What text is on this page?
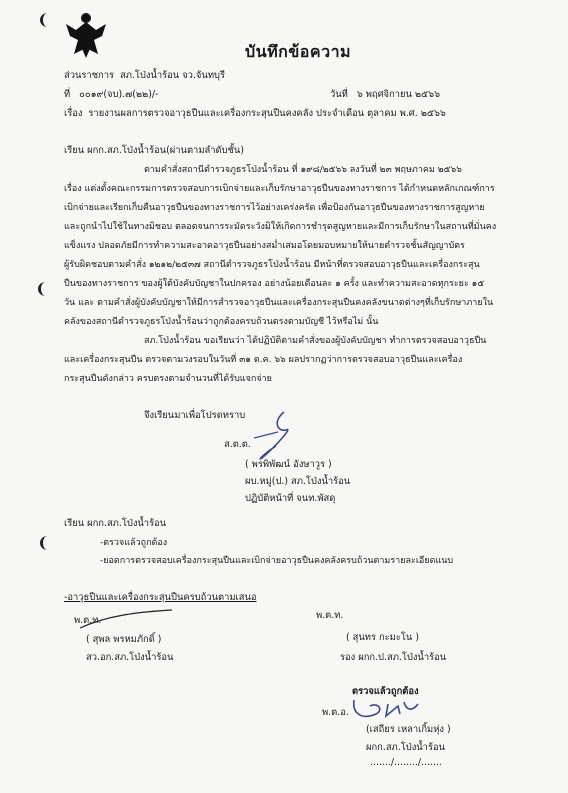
บันทึกข้อความ
ส่วนราชการ สภ.โป่งน้ำร้อน จว.จันทบุรี
ที่ ๐๐๑๙(จบ).๗(๒๒)/-	วันที่ ๖ พฤศจิกายน ๒๕๖๖
เรื่อง รายงานผลการตรวจอาวุธปืนและเครื่องกระสุนปืนคงคลัง ประจำเดือน ตุลาคม พ.ศ. ๒๕๖๖
เรียน ผกก.สภ.โป่งน้ำร้อน(ผ่านตามลำดับชั้น)
ตามคำสั่งสถานีตำรวจภูธรโป่งน้ำร้อน ที่ ๑๙๘/๒๕๖๖ ลงวันที่ ๒๓ พฤษภาคม ๒๕๖๖
เรื่อง แต่งตั้งคณะกรรมการตรวจสอบการเบิกจ่ายและเก็บรักษาอาวุธปืนของทางราชการ ได้กำหนดหลักเกณฑ์การ
เบิกจ่ายและเรียกเก็บคืนอาวุธปืนของทางราชการไว้อย่างเคร่งครัด เพื่อป้องกันอาวุธปืนของทางราชการสูญหาย
และถูกนำไปใช้ในทางมิชอบ ตลอดจนการระมัดระวังมิให้เกิดการชำรุดสูญหายและมีการเก็บรักษาในสถานที่มั่นคง
แข็งแรง ปลอดภัยมีการทำความสะอาดอาวุธปืนอย่างสม่ำเสมอโดยมอบหมายให้นายตำรวจชั้นสัญญาบัตร
ผู้รับผิดชอบตามคำสั่ง ๑๒๑๒/๒๕๓๗ สถานีตำรวจภูธรโป่งน้ำร้อน มีหน้าที่ตรวจสอบอาวุธปืนและเครื่องกระสุน
ปืนของทางราชการ ของผู้ใต้บังคับบัญชาในปกครอง อย่างน้อยเดือนละ ๑ ครั้ง และทำความสะอาดทุกระยะ ๑๕
วัน และ ตามคำสั่งผู้บังคับบัญชาให้มีการสำรวจอาวุธปืนและเครื่องกระสุนปืนคงคลังขนาดต่างๆที่เก็บรักษาภายใน
คลังของสถานีตำรวจภูธรโป่งน้ำร้อนว่าถูกต้องครบถ้วนตรงตามบัญชี ไว้หรือไม่ นั้น
สภ.โป่งน้ำร้อน ขอเรียนว่า ได้ปฏิบัติตามคำสั่งของผู้บังคับบัญชา ทำการตรวจสอบอาวุธปืน
และเครื่องกระสุนปืน ตรวจตามวงรอบในวันที่ ๓๑ ต.ค. ๖๖ ผลปรากฏว่าการตรวจสอบอาวุธปืนและเครื่อง
กระสุนปืนดังกล่าว ครบตรงตามจำนวนที่ได้รับแจกจ่าย
จึงเรียนมาเพื่อโปรดทราบ
ส.ต.ต.
( พรพิพัฒน์ อังษาวูร )
ผบ.หมู่(ป.) สภ.โป่งน้ำร้อน
ปฏิบัติหน้าที่ จนท.พัสดุ
เรียน ผกก.สภ.โป่งน้ำร้อน
-ตรวจแล้วถูกต้อง
-ยอดการตรวจสอบเครื่องกระสุนปืนและเบิกจ่ายอาวุธปืนคงคลังครบถ้วนตามรายละเอียดแนบ
-อาวุธปืนและเครื่องกระสุนปืนครบถ้วนตามเสนอ
พ.ต.ท.
( สุพล พรหมภักดิ์ )
สว.อก.สภ.โป่งน้ำร้อน
พ.ต.ท.
( สุนทร กะมะโน )
รอง ผกก.ป.สภ.โป่งน้ำร้อน
ตรวจแล้วถูกต้อง
พ.ต.อ.
(เสถียร เหลาเกิ้มหุ่ง )
ผกก.สภ.โป่งน้ำร้อน
......./......../.......
